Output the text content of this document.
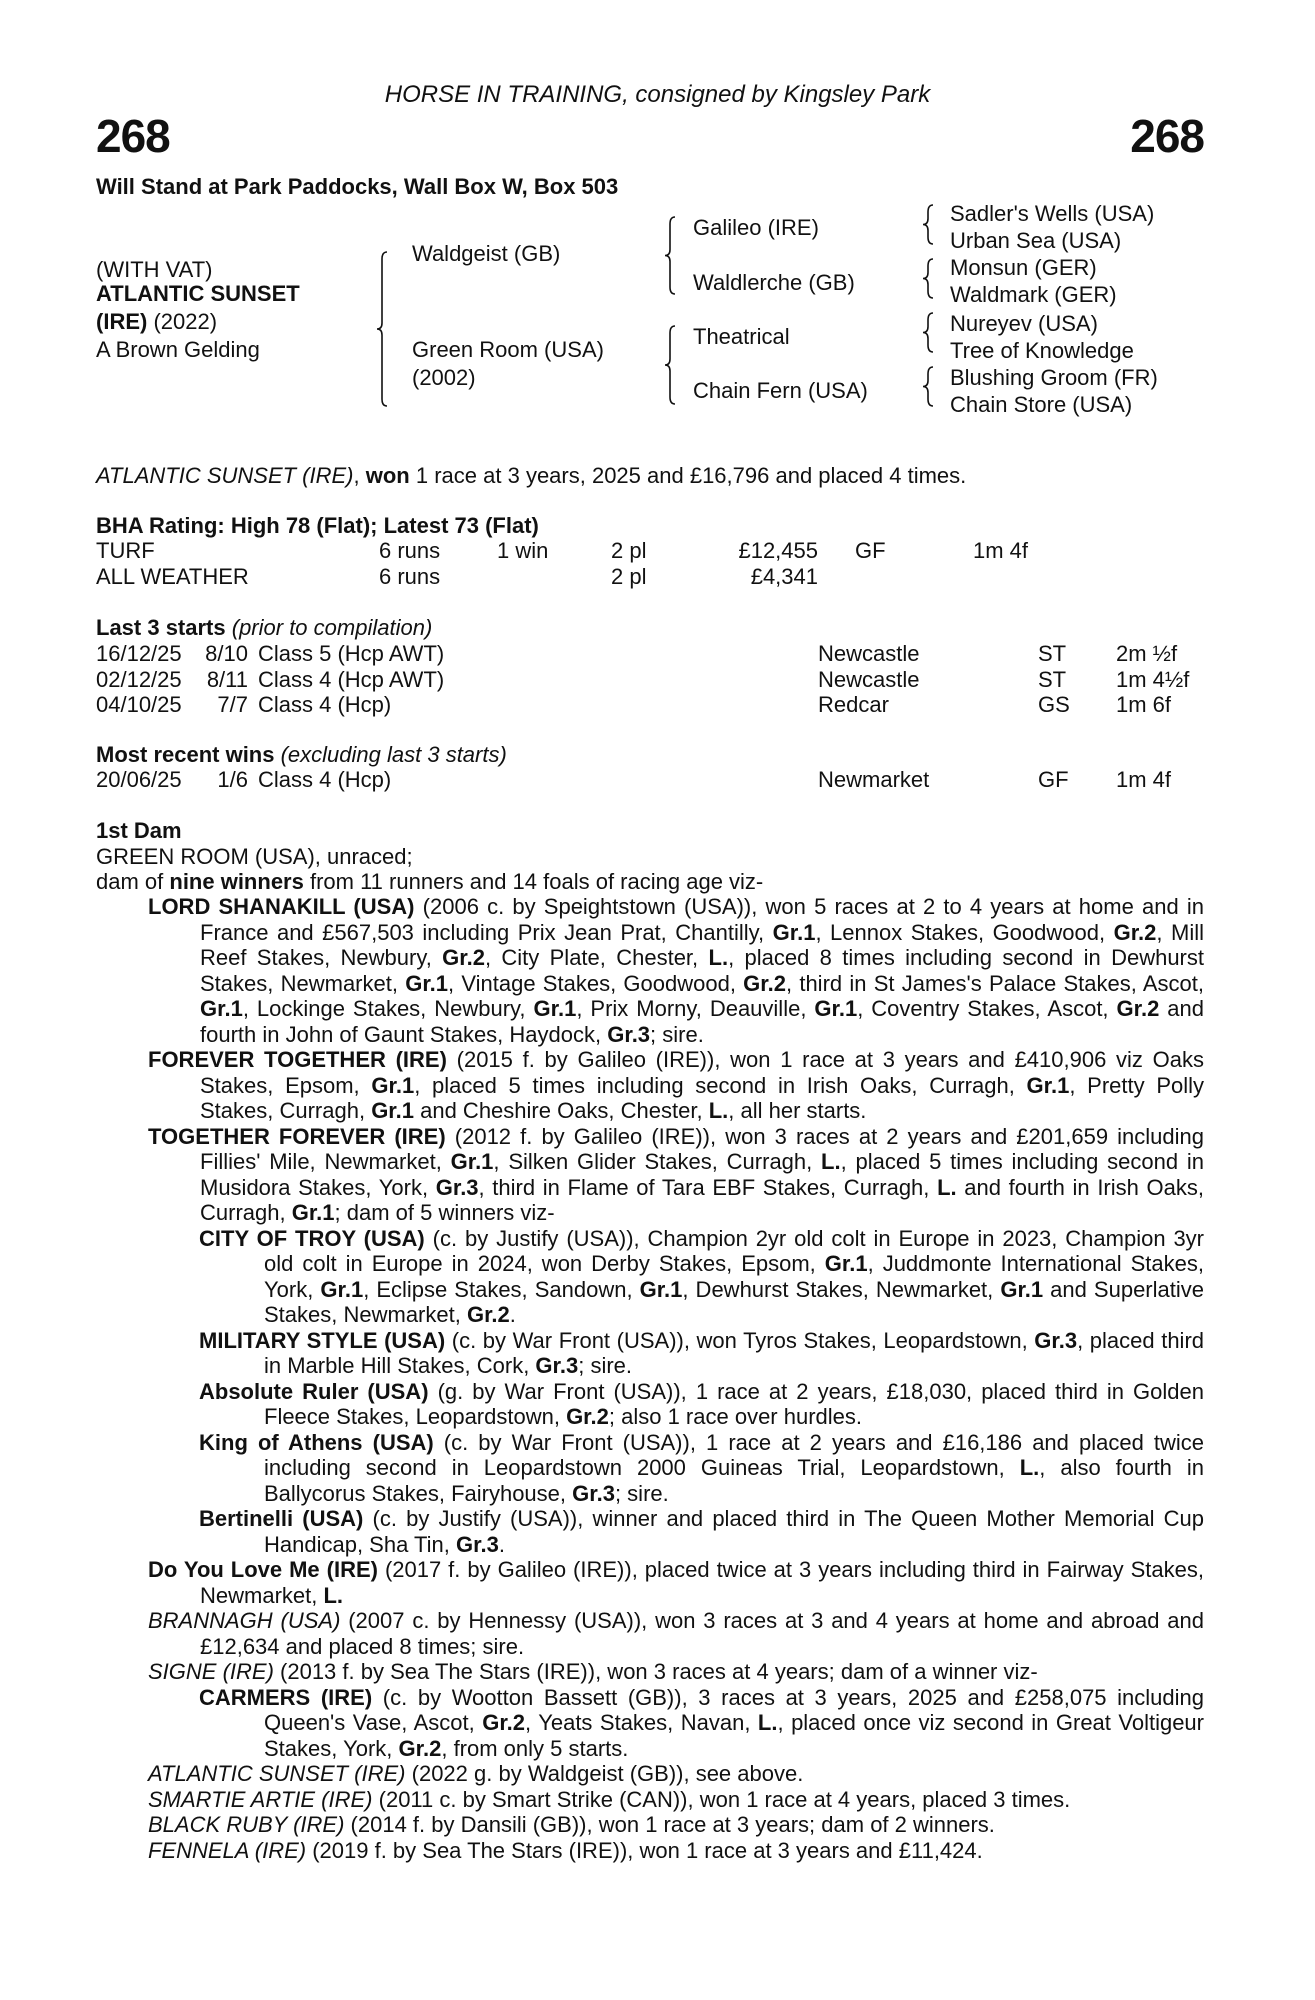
HORSE IN TRAINING, consigned by Kingsley Park
268	268
Will Stand at Park Paddocks, Wall Box W, Box 503
(WITH VAT)
ATLANTIC SUNSET
(IRE) (2022)
A Brown Gelding
Waldgeist (GB)
Green Room (USA)
(2002)
Galileo (IRE)
Waldlerche (GB)
Theatrical
Chain Fern (USA)
Sadler's Wells (USA)
Urban Sea (USA)
Monsun (GER)
Waldmark (GER)
Nureyev (USA)
Tree of Knowledge
Blushing Groom (FR)
Chain Store (USA)
ATLANTIC SUNSET (IRE), won 1 race at 3 years, 2025 and £16,796 and placed 4 times.
BHA Rating: High 78 (Flat); Latest 73 (Flat)
TURF	6 runs	1 win	2 pl	£12,455 GF	1m 4f
ALL WEATHER	6 runs	2 pl	£4,341
Last 3 starts (prior to compilation)
16/12/25 8/10 Class 5 (Hcp AWT)	Newcastle	ST 2m ½f
02/12/25 8/11 Class 4 (Hcp AWT)	Newcastle	ST 1m 4½f
04/10/25 7/7 Class 4 (Hcp)	Redcar	GS 1m 6f
Most recent wins (excluding last 3 starts)
20/06/25 1/6 Class 4 (Hcp)	Newmarket	GF 1m 4f
1st Dam
GREEN ROOM (USA), unraced;
dam of nine winners from 11 runners and 14 foals of racing age viz-

LORD SHANAKILL (USA) (2006 c. by Speightstown (USA)), won 5 races at 2 to 4 years at home and in France and £567,503 including Prix Jean Prat, Chantilly, Gr.1, Lennox Stakes, Goodwood, Gr.2, Mill Reef Stakes, Newbury, Gr.2, City Plate, Chester, L., placed 8 times including second in Dewhurst Stakes, Newmarket, Gr.1, Vintage Stakes, Goodwood, Gr.2, third in St James's Palace Stakes, Ascot, Gr.1, Lockinge Stakes, Newbury, Gr.1, Prix Morny, Deauville, Gr.1, Coventry Stakes, Ascot, Gr.2 and fourth in John of Gaunt Stakes, Haydock, Gr.3; sire.

FOREVER TOGETHER (IRE) (2015 f. by Galileo (IRE)), won 1 race at 3 years and £410,906 viz Oaks Stakes, Epsom, Gr.1, placed 5 times including second in Irish Oaks, Curragh, Gr.1, Pretty Polly Stakes, Curragh, Gr.1 and Cheshire Oaks, Chester, L., all her starts.

TOGETHER FOREVER (IRE) (2012 f. by Galileo (IRE)), won 3 races at 2 years and £201,659 including Fillies' Mile, Newmarket, Gr.1, Silken Glider Stakes, Curragh, L., placed 5 times including second in Musidora Stakes, York, Gr.3, third in Flame of Tara EBF Stakes, Curragh, L. and fourth in Irish Oaks, Curragh, Gr.1; dam of 5 winners viz-

CITY OF TROY (USA) (c. by Justify (USA)), Champion 2yr old colt in Europe in 2023, Champion 3yr old colt in Europe in 2024, won Derby Stakes, Epsom, Gr.1, Juddmonte International Stakes, York, Gr.1, Eclipse Stakes, Sandown, Gr.1, Dewhurst Stakes, Newmarket, Gr.1 and Superlative Stakes, Newmarket, Gr.2.

MILITARY STYLE (USA) (c. by War Front (USA)), won Tyros Stakes, Leopardstown, Gr.3, placed third in Marble Hill Stakes, Cork, Gr.3; sire.

Absolute Ruler (USA) (g. by War Front (USA)), 1 race at 2 years, £18,030, placed third in Golden Fleece Stakes, Leopardstown, Gr.2; also 1 race over hurdles.

King of Athens (USA) (c. by War Front (USA)), 1 race at 2 years and £16,186 and placed twice including second in Leopardstown 2000 Guineas Trial, Leopardstown, L., also fourth in Ballycorus Stakes, Fairyhouse, Gr.3; sire.

Bertinelli (USA) (c. by Justify (USA)), winner and placed third in The Queen Mother Memorial Cup Handicap, Sha Tin, Gr.3.

Do You Love Me (IRE) (2017 f. by Galileo (IRE)), placed twice at 3 years including third in Fairway Stakes, Newmarket, L.

BRANNAGH (USA) (2007 c. by Hennessy (USA)), won 3 races at 3 and 4 years at home and abroad and £12,634 and placed 8 times; sire.

SIGNE (IRE) (2013 f. by Sea The Stars (IRE)), won 3 races at 4 years; dam of a winner viz-

CARMERS (IRE) (c. by Wootton Bassett (GB)), 3 races at 3 years, 2025 and £258,075 including Queen's Vase, Ascot, Gr.2, Yeats Stakes, Navan, L., placed once viz second in Great Voltigeur Stakes, York, Gr.2, from only 5 starts.

ATLANTIC SUNSET (IRE) (2022 g. by Waldgeist (GB)), see above.

SMARTIE ARTIE (IRE) (2011 c. by Smart Strike (CAN)), won 1 race at 4 years, placed 3 times.

BLACK RUBY (IRE) (2014 f. by Dansili (GB)), won 1 race at 3 years; dam of 2 winners.

FENNELA (IRE) (2019 f. by Sea The Stars (IRE)), won 1 race at 3 years and £11,424.
